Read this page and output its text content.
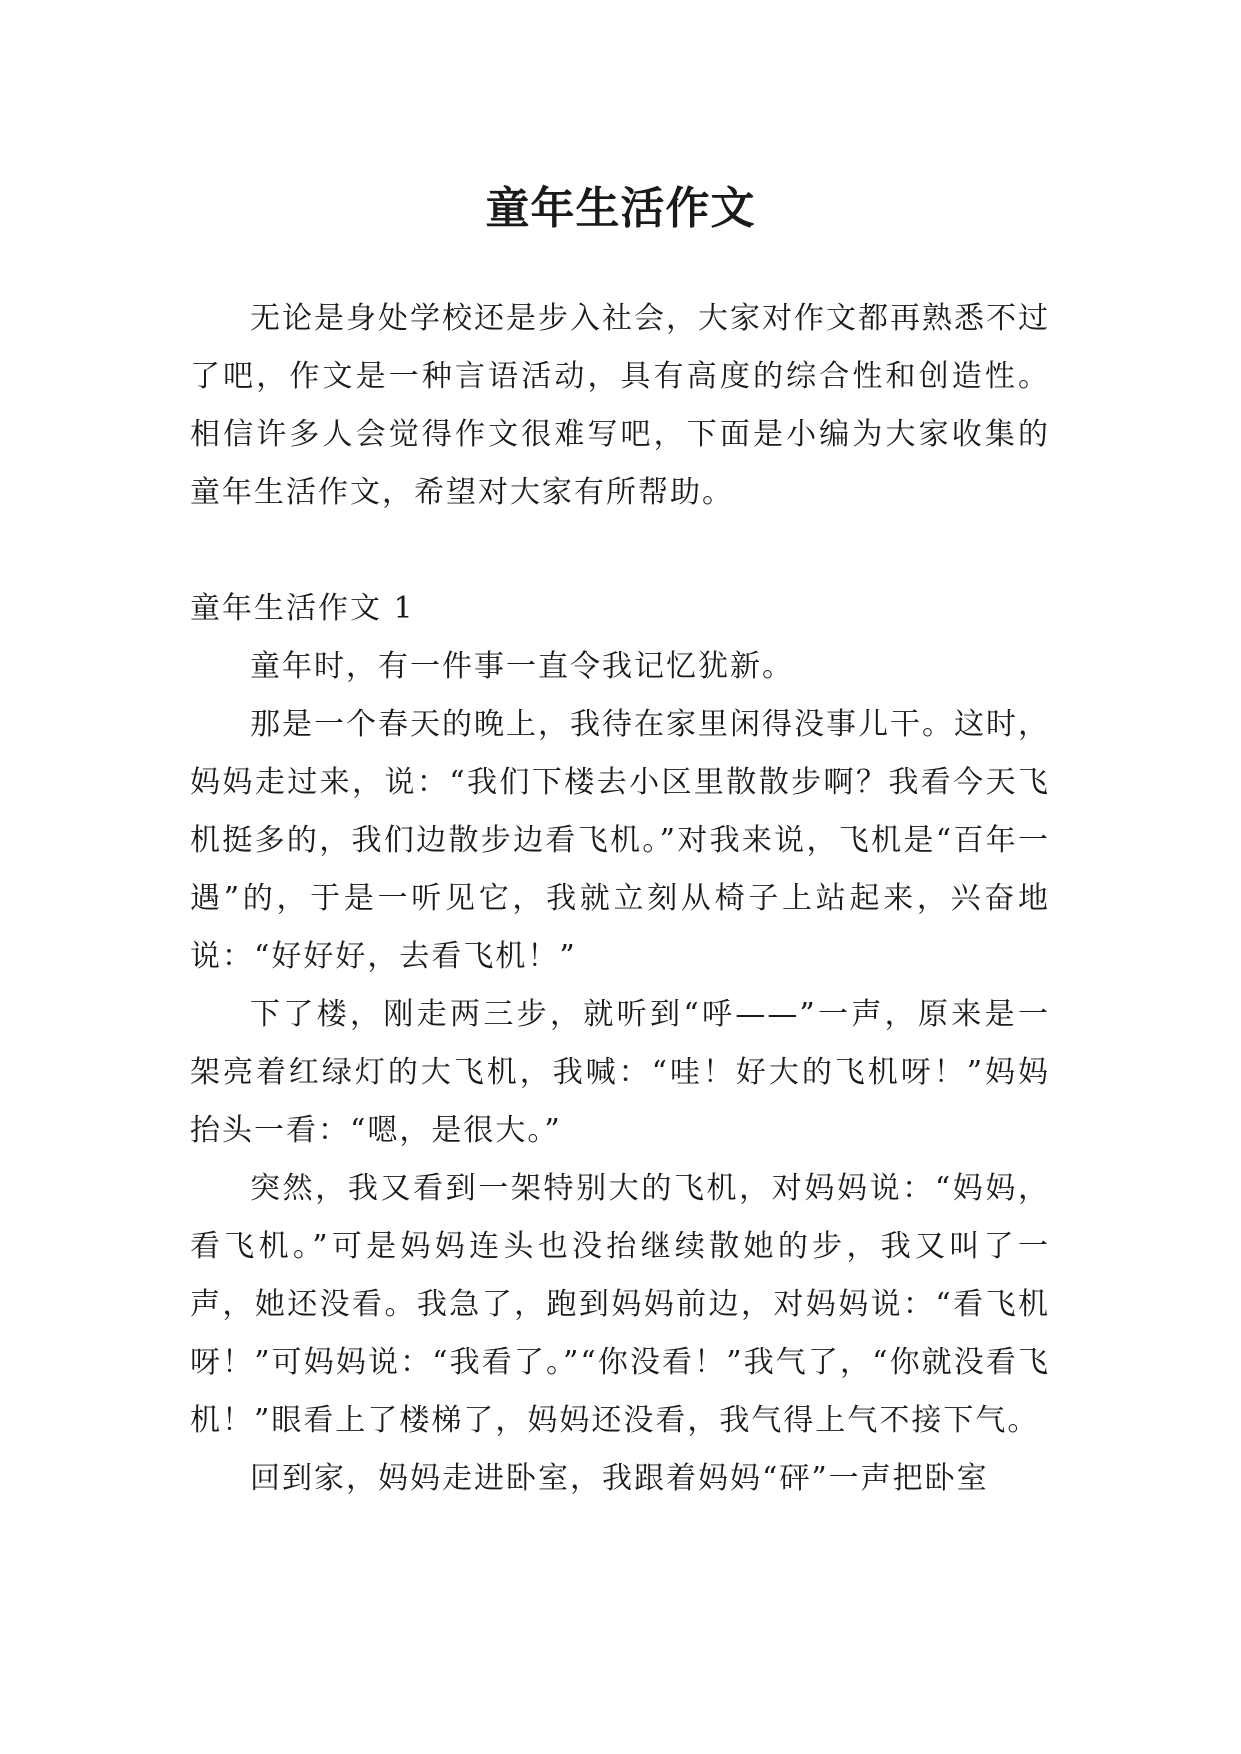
童年生活作文

无论是身处学校还是步入社会，大家对作文都再熟悉不过了吧，作文是一种言语活动，具有高度的综合性和创造性。相信许多人会觉得作文很难写吧，下面是小编为大家收集的童年生活作文，希望对大家有所帮助。

童年生活作文 1

童年时，有一件事一直令我记忆犹新。

那是一个春天的晚上，我待在家里闲得没事儿干。这时，妈妈走过来，说：“我们下楼去小区里散散步啊？我看今天飞机挺多的，我们边散步边看飞机。”对我来说，飞机是“百年一遇”的，于是一听见它，我就立刻从椅子上站起来，兴奋地说：“好好好，去看飞机！”

下了楼，刚走两三步，就听到“呼——”一声，原来是一架亮着红绿灯的大飞机，我喊：“哇！好大的飞机呀！”妈妈抬头一看：“嗯，是很大。”

突然，我又看到一架特别大的飞机，对妈妈说：“妈妈，看飞机。”可是妈妈连头也没抬继续散她的步，我又叫了一声，她还没看。我急了，跑到妈妈前边，对妈妈说：“看飞机呀！”可妈妈说：“我看了。”“你没看！”我气了，“你就没看飞机！”眼看上了楼梯了，妈妈还没看，我气得上气不接下气。

回到家，妈妈走进卧室，我跟着妈妈“砰”一声把卧室
